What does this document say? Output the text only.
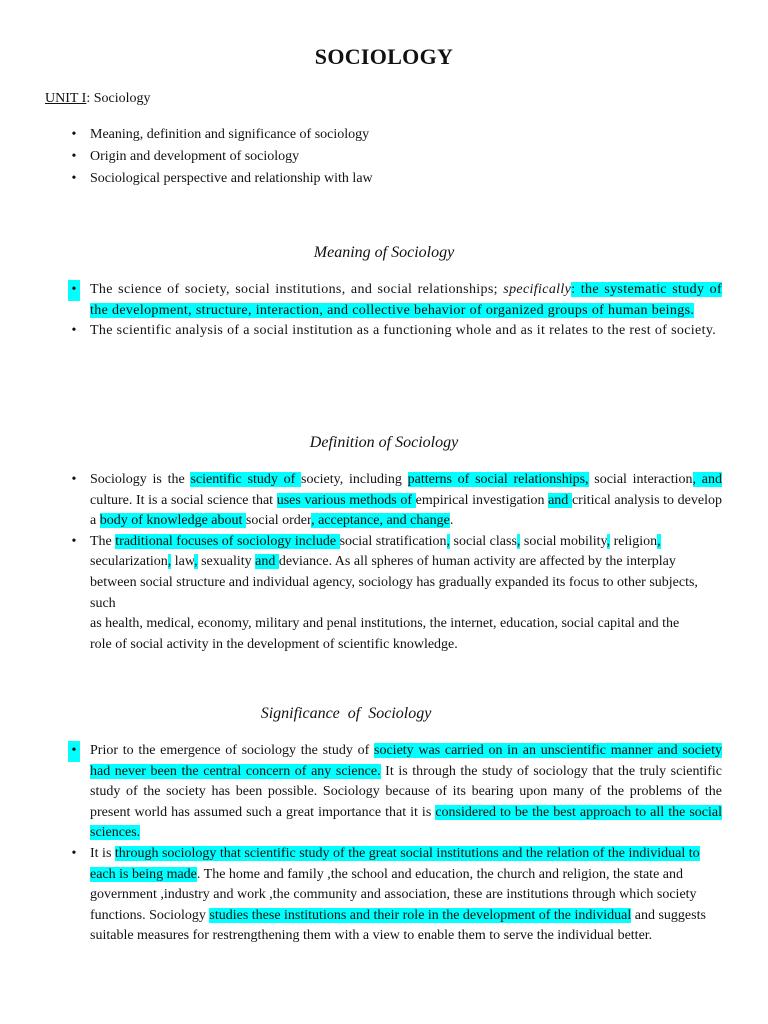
SOCIOLOGY
UNIT I: Sociology
•
Meaning, definition and significance of sociology
•
Origin and development of sociology
•
Sociological perspective and relationship with law
Meaning of Sociology
•
The science of society, social institutions, and social relationships; specifically: the systematic study of the development, structure, interaction, and collective behavior of organized groups of human beings.
•
The scientific analysis of a social institution as a functioning whole and as it relates to the rest of society.
Definition of Sociology
•
Sociology is the scientific study of society, including patterns of social relationships, social interaction, and culture. It is a social science that uses various methods of empirical investigation and critical analysis to develop a body of knowledge about social order, acceptance, and change.
•
The traditional focuses of sociology include social stratification, social class, social mobility, religion, secularization, law, sexuality and deviance. As all spheres of human activity are affected by the interplay between social structure and individual agency, sociology has gradually expanded its focus to other subjects, such
as health, medical, economy, military and penal institutions, the internet, education, social capital and the role of social activity in the development of scientific knowledge.
Significance  of  Sociology
•
Prior to the emergence of sociology the study of society was carried on in an unscientific manner and society had never been the central concern of any science. It is through the study of sociology that the truly scientific study of the society has been possible. Sociology because of its bearing upon many of the problems of the present world has assumed such a great importance that it is considered to be the best approach to all the social sciences.
•
It is through sociology that scientific study of the great social institutions and the relation of the individual to each is being made. The home and family ,the school and education, the church and religion, the state and government ,industry and work ,the community and association, these are institutions through which society functions. Sociology studies these institutions and their role in the development of the individual and suggests suitable measures for restrengthening them with a view to enable them to serve the individual better.
